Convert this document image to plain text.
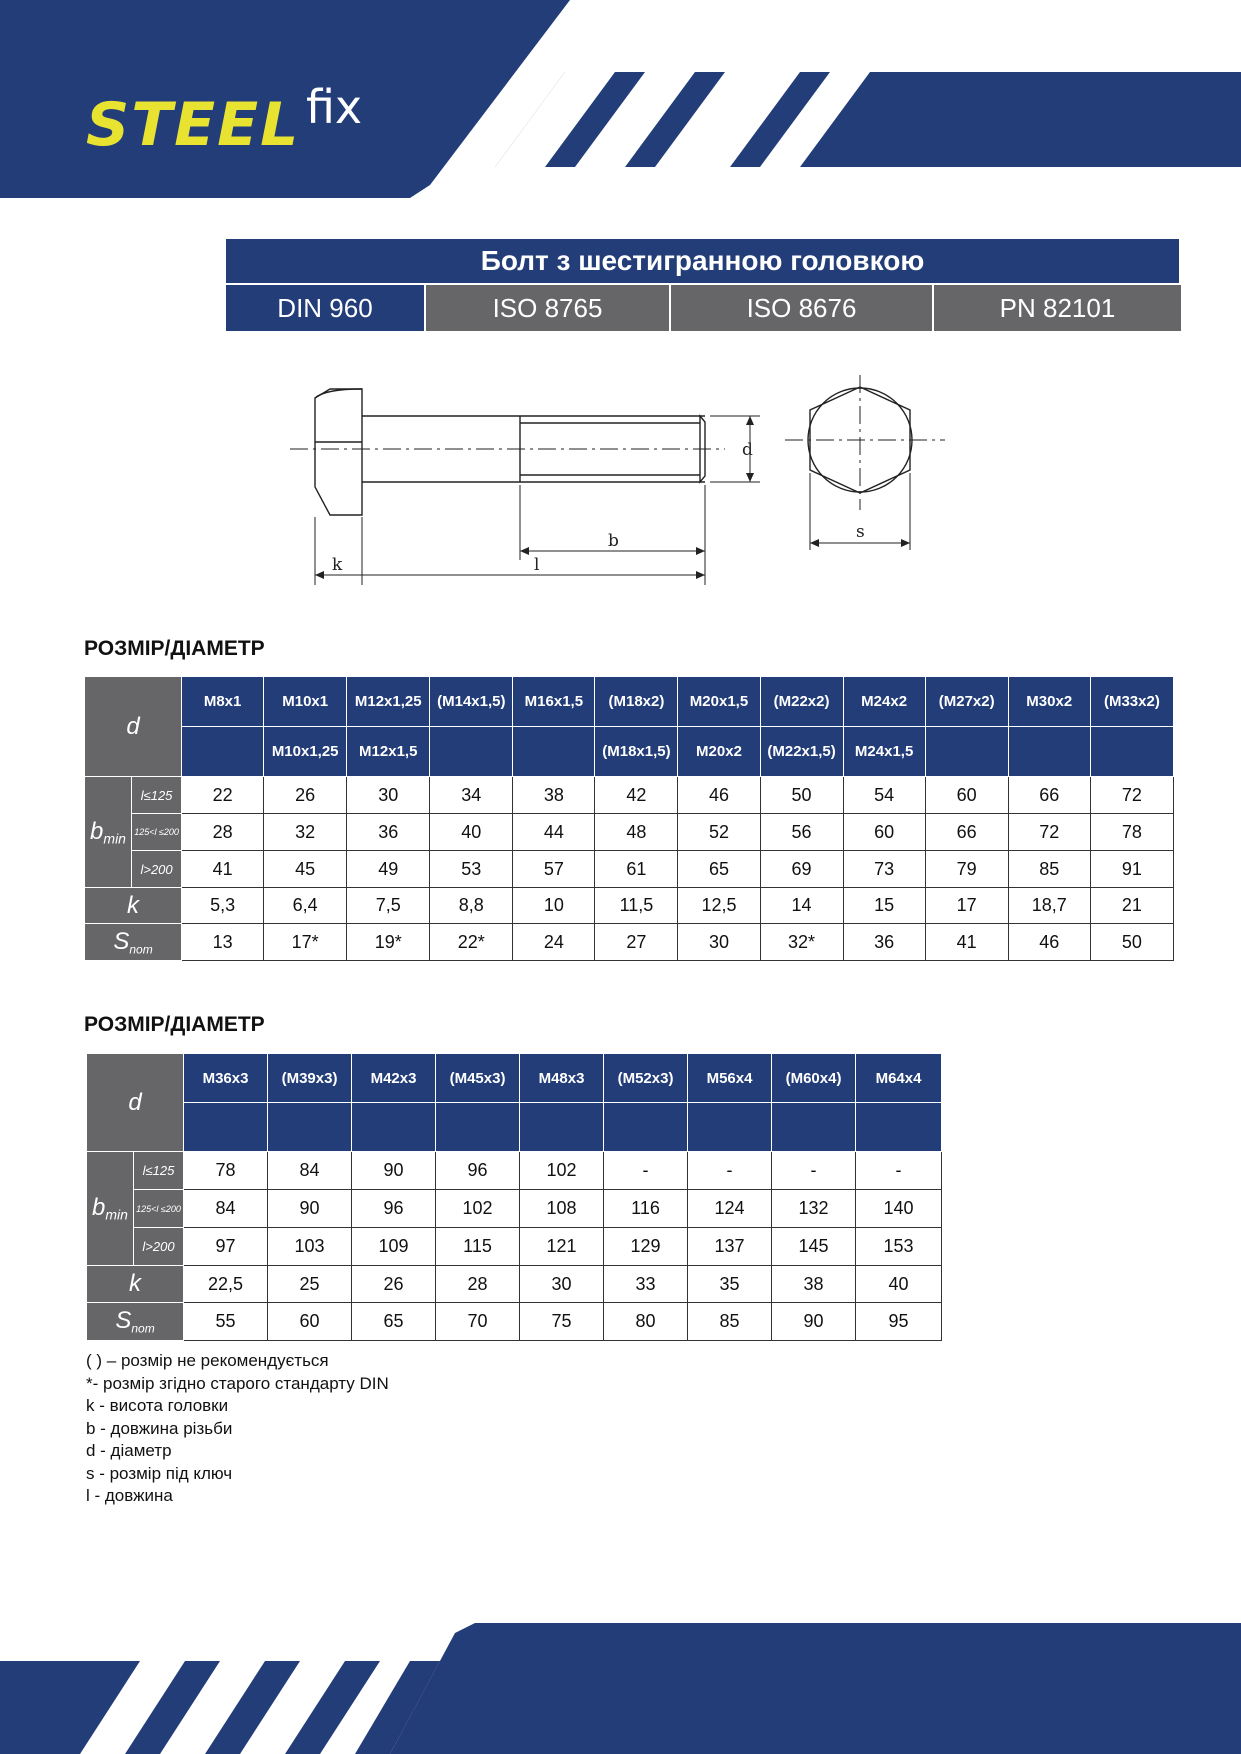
STEEL fix
Болт з шестигранною головкою
DIN 960	ISO 8765	ISO 8676	PN 82101
d
b
k	l
s
РОЗМІР/ДІАМЕТР
d		M8x1	M10x1	M12x1,25	(M14x1,5)	M16x1,5	(M18x2)	M20x1,5	(M22x2)	M24x2	(M27x2)	M30x2	(M33x2)
			M10x1,25	M12x1,5			(M18x1,5)	M20x2	(M22x1,5)	M24x1,5			
$b_{min}$	l≤125	22	26	30	34	38	42	46	50	54	60	66	72
	125<l ≤200	28	32	36	40	44	48	52	56	60	66	72	78
	l>200	41	45	49	53	57	61	65	69	73	79	85	91
k		5,3	6,4	7,5	8,8	10	11,5	12,5	14	15	17	18,7	21
$S_{nom}$		13	17*	19*	22*	24	27	30	32*	36	41	46	50
РОЗМІР/ДІАМЕТР
d		M36x3	(M39x3)	M42x3	(M45x3)	M48x3	(M52x3)	M56x4	(M60x4)	M64x4

$b_{min}$	l≤125	78	84	90	96	102	-	-	-	-
	125<l ≤200	84	90	96	102	108	116	124	132	140
	l>200	97	103	109	115	121	129	137	145	153
k		22,5	25	26	28	30	33	35	38	40
$S_{nom}$		55	60	65	70	75	80	85	90	95
( ) – розмір не рекомендується
*- розмір згідно старого стандарту DIN
k - висота головки
b - довжина різьби
d - діаметр
s - розмір під ключ
l - довжина
